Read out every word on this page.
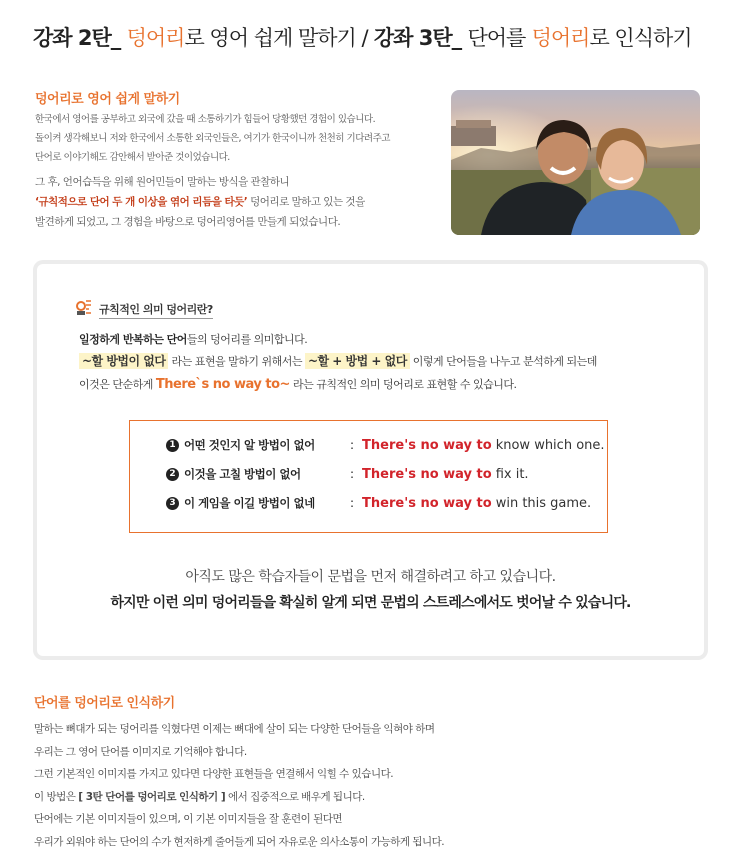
강좌 2탄_ 덩어리로 영어 쉽게 말하기 / 강좌 3탄_ 단어를 덩어리로 인식하기
덩어리로 영어 쉽게 말하기
한국에서 영어를 공부하고 외국에 갔을 때 소통하기가 힘들어 당황했던 경험이 있습니다.
돌이켜 생각해보니 저와 한국에서 소통한 외국인들은, 여기가 한국이니까 천천히 기다려주고
단어로 이야기해도 감안해서 받아준 것이었습니다.
그 후, 언어습득을 위해 원어민들이 말하는 방식을 관찰하니
‘규칙적으로 단어 두 개 이상을 엮어 리듬을 타듯’ 덩어리로 말하고 있는 것을
발견하게 되었고, 그 경험을 바탕으로 덩어리영어를 만들게 되었습니다.
규칙적인 의미 덩어리란?
일정하게 반복하는 단어들의 덩어리를 의미합니다.
~할 방법이 없다 라는 표현을 말하기 위해서는 ~할 + 방법 + 없다 이렇게 단어들을 나누고 분석하게 되는데
이것은 단순하게 There`s no way to~ 라는 규칙적인 의미 덩어리로 표현할 수 있습니다.
1 어떤 것인지 알 방법이 없어	: There's no way to know which one.
2 이것을 고칠 방법이 없어	: There's no way to fix it.
3 이 게임을 이길 방법이 없네	: There's no way to win this game.
아직도 많은 학습자들이 문법을 먼저 해결하려고 하고 있습니다.
하지만 이런 의미 덩어리들을 확실히 알게 되면 문법의 스트레스에서도 벗어날 수 있습니다.
단어를 덩어리로 인식하기
말하는 뼈대가 되는 덩어리를 익혔다면 이제는 뼈대에 살이 되는 다양한 단어들을 익혀야 하며
우리는 그 영어 단어를 이미지로 기억해야 합니다.
그런 기본적인 이미지를 가지고 있다면 다양한 표현들을 연결해서 익힐 수 있습니다.
이 방법은 [ 3탄 단어를 덩어리로 인식하기 ] 에서 집중적으로 배우게 됩니다.
단어에는 기본 이미지들이 있으며, 이 기본 이미지들을 잘 훈련이 된다면
우리가 외워야 하는 단어의 수가 현저하게 줄어들게 되어 자유로운 의사소통이 가능하게 됩니다.
